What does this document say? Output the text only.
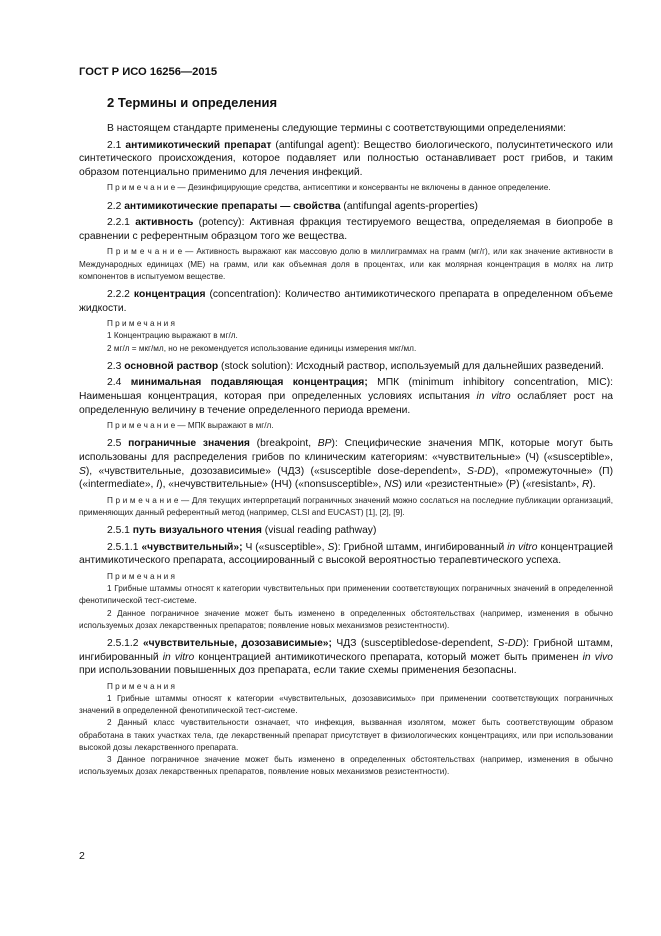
ГОСТ Р ИСО 16256—2015
2 Термины и определения

В настоящем стандарте применены следующие термины с соответствующими определениями:

2.1 антимикотический препарат (antifungal agent): Вещество биологического, полусинтетического или синтетического происхождения, которое подавляет или полностью останавливает рост грибов, и таким образом потенциально применимо для лечения инфекций.

П р и м е ч а н и е — Дезинфицирующие средства, антисептики и консерванты не включены в данное определение.

2.2 антимикотические препараты — свойства (antifungal agents-properties)

2.2.1 активность (potency): Активная фракция тестируемого вещества, определяемая в биопробе в сравнении с референтным образцом того же вещества.

П р и м е ч а н и е — Активность выражают как массовую долю в миллиграммах на грамм (мг/г), или как значение активности в Международных единицах (МЕ) на грамм, или как объемная доля в процентах, или как молярная концентрация в молях на литр компонентов в испытуемом веществе.

2.2.2 концентрация (concentration): Количество антимикотического препарата в определенном объеме жидкости.

Примечания

1 Концентрацию выражают в мг/л.

2 мг/л = мкг/мл, но не рекомендуется использование единицы измерения мкг/мл.

2.3 основной раствор (stock solution): Исходный раствор, используемый для дальнейших разведений.

2.4 минимальная подавляющая концентрация; МПК (minimum inhibitory concentration, MIC): Наименьшая концентрация, которая при определенных условиях испытания in vitro ослабляет рост на определенную величину в течение определенного периода времени.

П р и м е ч а н и е — МПК выражают в мг/л.

2.5 пограничные значения (breakpoint, BP): Специфические значения МПК, которые могут быть использованы для распределения грибов по клиническим категориям: «чувствительные» (Ч) («susceptible», S), «чувствительные, дозозависимые» (ЧДЗ) («susceptible dose-dependent», S-DD), «промежуточные» (П) («intermediate», I), «нечувствительные» (НЧ) («nonsusceptible», NS) или «резистентные» (Р) («resistant», R).

П р и м е ч а н и е — Для текущих интерпретаций пограничных значений можно сослаться на последние публикации организаций, применяющих данный референтный метод (например, CLSI and EUCAST) [1], [2], [9].

2.5.1 путь визуального чтения (visual reading pathway)

2.5.1.1 «чувствительный»; Ч («susceptible», S): Грибной штамм, ингибированный in vitro концентрацией антимикотического препарата, ассоциированный с высокой вероятностью терапевтического успеха.

Примечания

1 Грибные штаммы относят к категории чувствительных при применении соответствующих пограничных значений в определенной фенотипической тест-системе.

2 Данное пограничное значение может быть изменено в определенных обстоятельствах (например, изменения в обычно используемых дозах лекарственных препаратов; появление новых механизмов резистентности).

2.5.1.2 «чувствительные, дозозависимые»; ЧДЗ (susceptibledose-dependent, S-DD): Грибной штамм, ингибированный in vitro концентрацией антимикотического препарата, который может быть применен in vivo при использовании повышенных доз препарата, если такие схемы применения безопасны.

Примечания

1 Грибные штаммы относят к категории «чувствительных, дозозависимых» при применении соответствующих пограничных значений в определенной фенотипической тест-системе.

2 Данный класс чувствительности означает, что инфекция, вызванная изолятом, может быть соответствующим образом обработана в таких участках тела, где лекарственный препарат присутствует в физиологических концентрациях, или при использовании высокой дозы лекарственного препарата.

3 Данное пограничное значение может быть изменено в определенных обстоятельствах (например, изменения в обычно используемых дозах лекарственных препаратов, появление новых механизмов резистентности).

2
